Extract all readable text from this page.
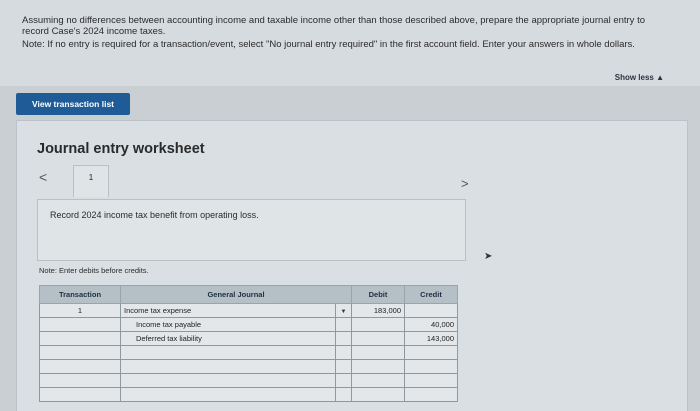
Assuming no differences between accounting income and taxable income other than those described above, prepare the appropriate journal entry to record Case's 2024 income taxes.

Note: If no entry is required for a transaction/event, select "No journal entry required" in the first account field. Enter your answers in whole dollars.

Show less ▲
View transaction list
Journal entry worksheet
<	1	>
Record 2024 income tax benefit from operating loss.
Note: Enter debits before credits.
➤
Transaction	General Journal		Debit	Credit
1	Income tax expense	▼	183,000	
	Income tax payable			40,000
	Deferred tax liability			143,000
